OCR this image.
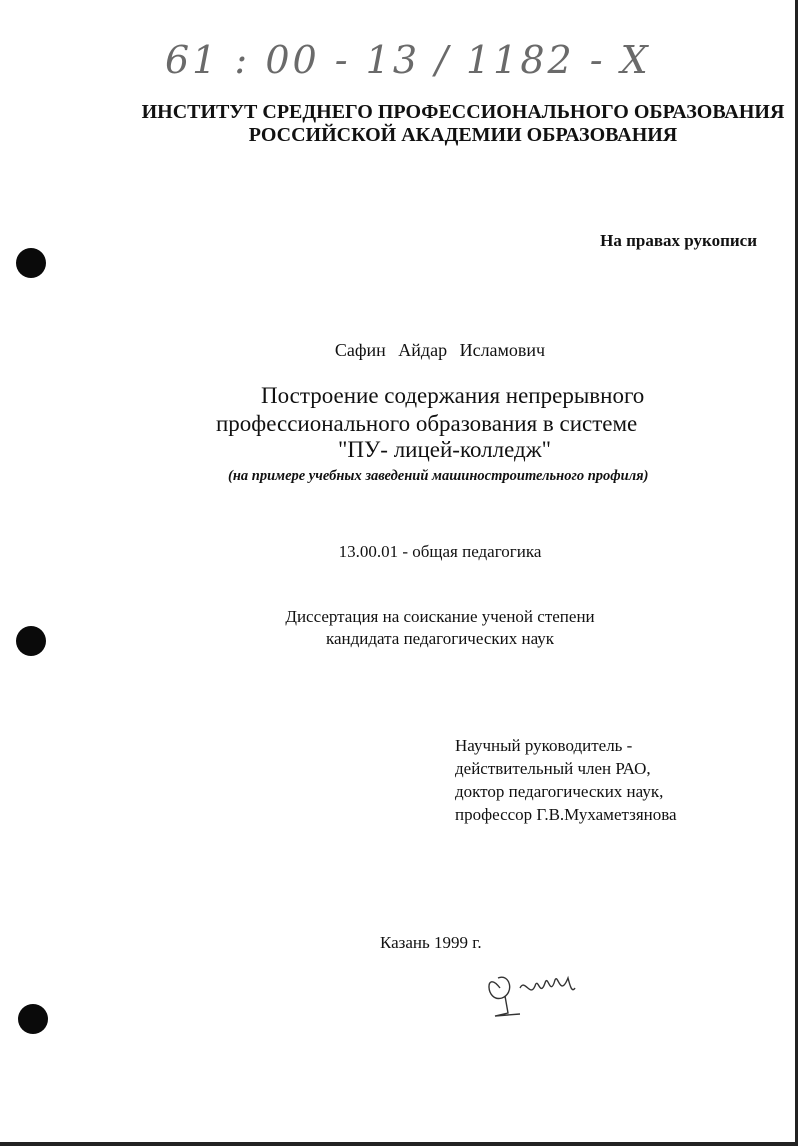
61 : 00 - 13 / 1182 - X
ИНСТИТУТ СРЕДНЕГО ПРОФЕССИОНАЛЬНОГО ОБРАЗОВАНИЯ
РОССИЙСКОЙ АКАДЕМИИ ОБРАЗОВАНИЯ
На правах рукописи
Сафин Айдар Исламович
Построение содержания непрерывного
профессионального образования в системе
"ПУ- лицей-колледж"
(на примере учебных заведений машиностроительного профиля)
13.00.01 - общая педагогика
Диссертация на соискание ученой степени
кандидата педагогических наук
Научный руководитель -
действительный член РАО,
доктор педагогических наук,
профессор Г.В.Мухаметзянова
Казань 1999 г.
